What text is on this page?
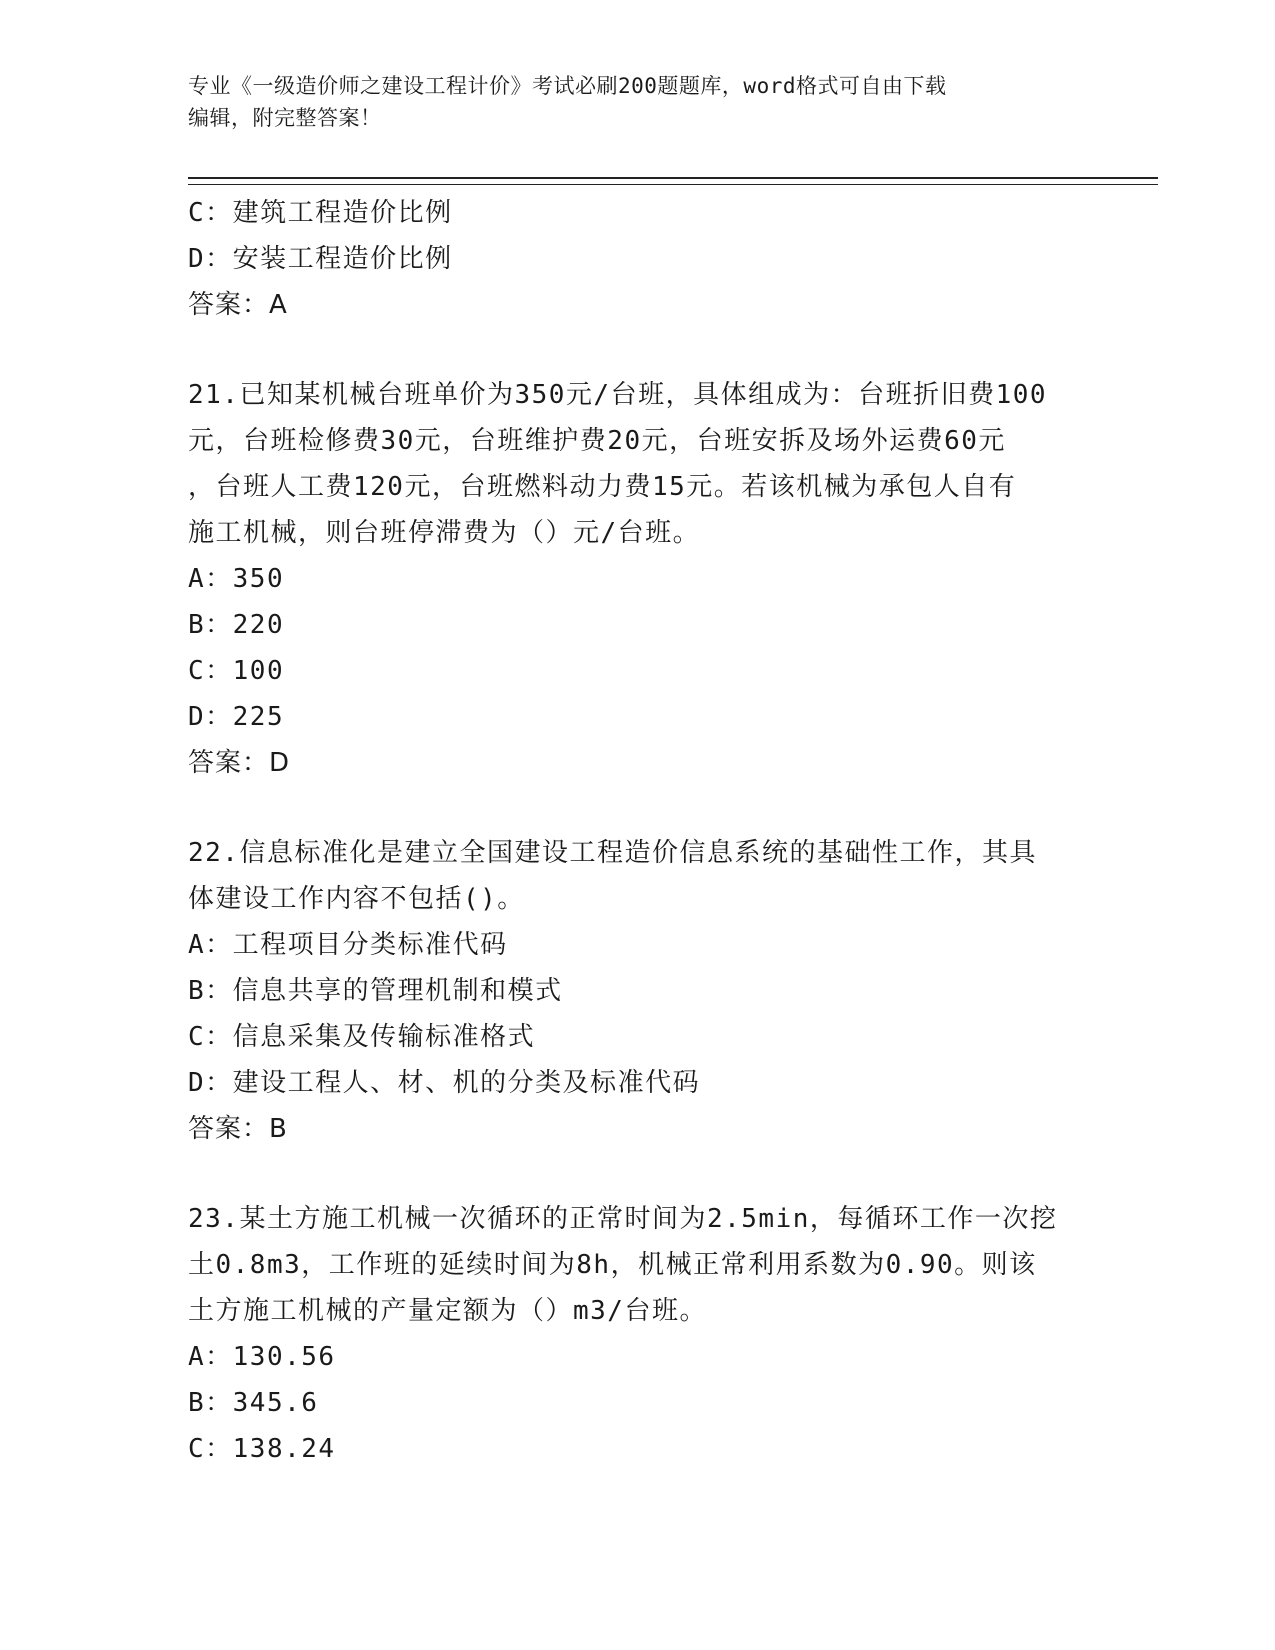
专业《一级造价师之建设工程计价》考试必刷200题题库，word格式可自由下载
编辑，附完整答案！
C：建筑工程造价比例
D：安装工程造价比例
答案：A
21.已知某机械台班单价为350元/台班，具体组成为：台班折旧费100
元，台班检修费30元，台班维护费20元，台班安拆及场外运费60元
，台班人工费120元，台班燃料动力费15元。若该机械为承包人自有
施工机械，则台班停滞费为（）元/台班。
A：350
B：220
C：100
D：225
答案：D
22.信息标准化是建立全国建设工程造价信息系统的基础性工作，其具
体建设工作内容不包括()。
A：工程项目分类标准代码
B：信息共享的管理机制和模式
C：信息采集及传输标准格式
D：建设工程人、材、机的分类及标准代码
答案：B
23.某土方施工机械一次循环的正常时间为2.5min，每循环工作一次挖
土0.8m3，工作班的延续时间为8h，机械正常利用系数为0.90。则该
土方施工机械的产量定额为（）m3/台班。
A：130.56
B：345.6
C：138.24
